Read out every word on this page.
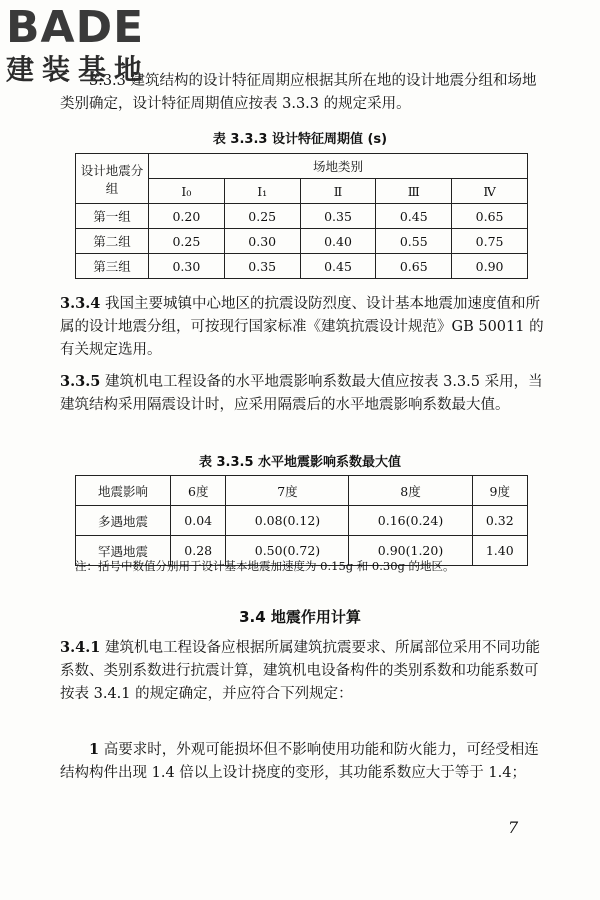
BADE
建装基地
3.3.3 建筑结构的设计特征周期应根据其所在地的设计地震分组和场地类别确定，设计特征周期值应按表 3.3.3 的规定采用。
表 3.3.3 设计特征周期值 (s)
设计地震分组	场地类别				
	I₀	I₁	Ⅱ	Ⅲ	Ⅳ
第一组	0.20	0.25	0.35	0.45	0.65
第二组	0.25	0.30	0.40	0.55	0.75
第三组	0.30	0.35	0.45	0.65	0.90
3.3.4 我国主要城镇中心地区的抗震设防烈度、设计基本地震加速度值和所属的设计地震分组，可按现行国家标准《建筑抗震设计规范》GB 50011 的有关规定选用。
3.3.5 建筑机电工程设备的水平地震影响系数最大值应按表 3.3.5 采用，当建筑结构采用隔震设计时，应采用隔震后的水平地震影响系数最大值。
表 3.3.5 水平地震影响系数最大值
地震影响	6度	7度	8度	9度
多遇地震	0.04	0.08(0.12)	0.16(0.24)	0.32
罕遇地震	0.28	0.50(0.72)	0.90(1.20)	1.40
注：括号中数值分别用于设计基本地震加速度为 0.15g 和 0.30g 的地区。
3.4 地震作用计算
3.4.1 建筑机电工程设备应根据所属建筑抗震要求、所属部位采用不同功能系数、类别系数进行抗震计算，建筑机电设备构件的类别系数和功能系数可按表 3.4.1 的规定确定，并应符合下列规定：
1 高要求时，外观可能损坏但不影响使用功能和防火能力，可经受相连结构构件出现 1.4 倍以上设计挠度的变形，其功能系数应大于等于 1.4；
7
